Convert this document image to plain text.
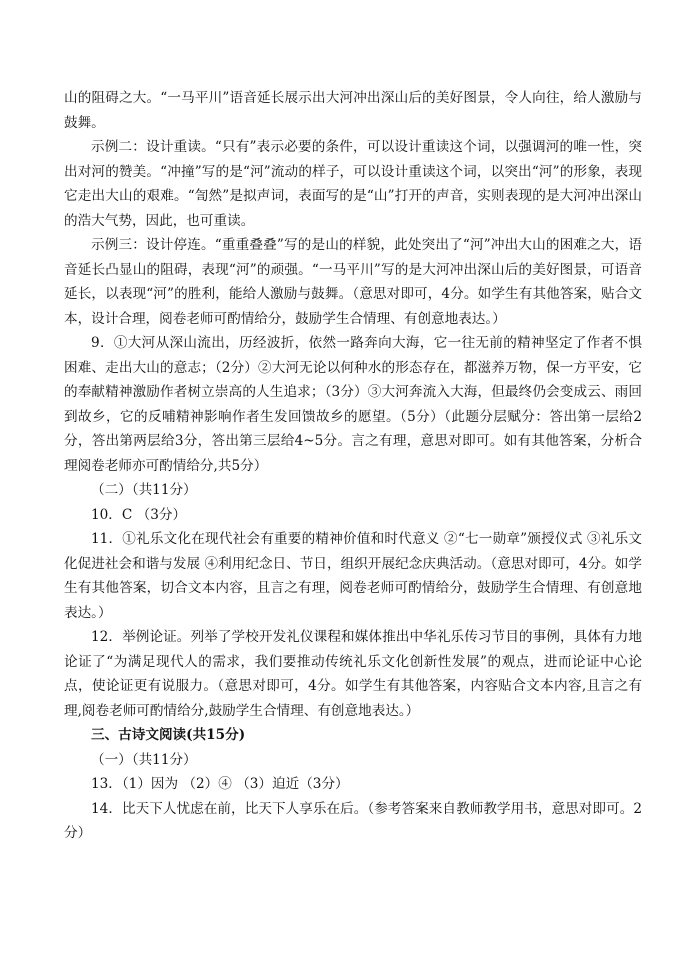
山的阻碍之大。“一马平川”语音延长展示出大河冲出深山后的美好图景，令人向往，给人激励与鼓舞。

示例二：设计重读。“只有”表示必要的条件，可以设计重读这个词，以强调河的唯一性，突出对河的赞美。“冲撞”写的是“河”流动的样子，可以设计重读这个词，以突出“河”的形象，表现它走出大山的艰难。“訇然”是拟声词，表面写的是“山”打开的声音，实则表现的是大河冲出深山的浩大气势，因此，也可重读。

示例三：设计停连。“重重叠叠”写的是山的样貌，此处突出了“河”冲出大山的困难之大，语音延长凸显山的阻碍，表现“河”的顽强。“一马平川”写的是大河冲出深山后的美好图景，可语音延长，以表现“河”的胜利，能给人激励与鼓舞。（意思对即可，4分。如学生有其他答案，贴合文本，设计合理，阅卷老师可酌情给分，鼓励学生合情理、有创意地表达。）

9．①大河从深山流出，历经波折，依然一路奔向大海，它一往无前的精神坚定了作者不惧困难、走出大山的意志；（2分）②大河无论以何种水的形态存在，都滋养万物，保一方平安，它的奉献精神激励作者树立崇高的人生追求；（3分）③大河奔流入大海，但最终仍会变成云、雨回到故乡，它的反哺精神影响作者生发回馈故乡的愿望。（5分）（此题分层赋分：答出第一层给2分，答出第两层给3分，答出第三层给4~5分。言之有理，意思对即可。如有其他答案，分析合理阅卷老师亦可酌情给分,共5分）

（二）（共11分）

10．C （3分）

11．①礼乐文化在现代社会有重要的精神价值和时代意义 ②“七一勋章”颁授仪式 ③礼乐文化促进社会和谐与发展 ④利用纪念日、节日，组织开展纪念庆典活动。（意思对即可，4分。如学生有其他答案，切合文本内容，且言之有理，阅卷老师可酌情给分，鼓励学生合情理、有创意地表达。）

12．举例论证。列举了学校开发礼仪课程和媒体推出中华礼乐传习节目的事例，具体有力地论证了“为满足现代人的需求，我们要推动传统礼乐文化创新性发展”的观点，进而论证中心论点，使论证更有说服力。（意思对即可，4分。如学生有其他答案，内容贴合文本内容,且言之有理,阅卷老师可酌情给分,鼓励学生合情理、有创意地表达。）

三、古诗文阅读(共15分)

（一）（共11分）

13．（1）因为 （2）④ （3）迫近（3分）

14．比天下人忧虑在前，比天下人享乐在后。（参考答案来自教师教学用书，意思对即可。2分）
